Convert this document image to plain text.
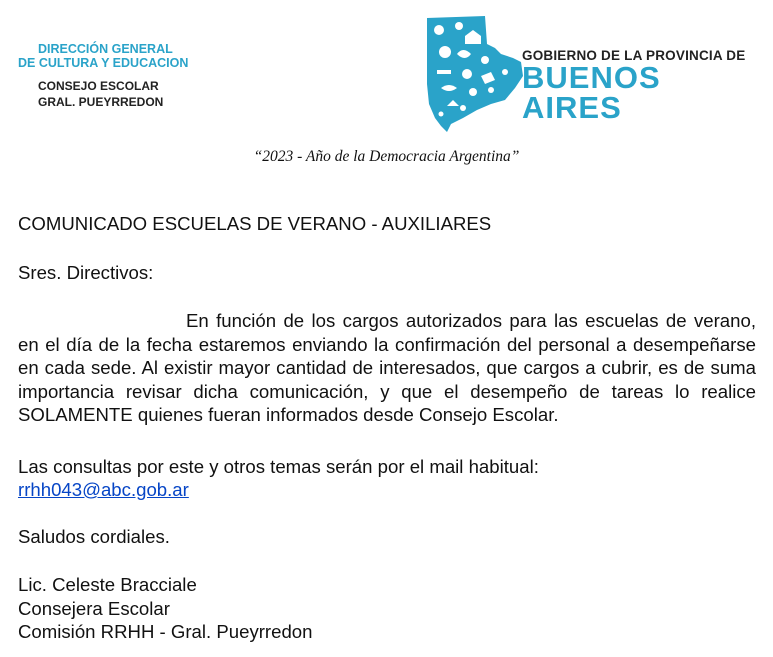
DIRECCIÓN GENERAL
DE CULTURA Y EDUCACION
CONSEJO ESCOLAR
GRAL. PUEYRREDON
GOBIERNO DE LA PROVINCIA DE
BUENOS AIRES
“2023 - Año de la Democracia Argentina”
COMUNICADO ESCUELAS DE VERANO - AUXILIARES
Sres. Directivos:
En función de los cargos autorizados para las escuelas de verano, en el día de la fecha estaremos enviando la confirmación del personal a desempeñarse en cada sede. Al existir mayor cantidad de interesados, que cargos a cubrir, es de suma importancia revisar dicha comunicación, y que el desempeño de tareas lo realice SOLAMENTE quienes fueran informados desde Consejo Escolar.
Las consultas por este y otros temas serán por el mail habitual:
rrhh043@abc.gob.ar
Saludos cordiales.
Lic. Celeste Bracciale
Consejera Escolar
Comisión RRHH - Gral. Pueyrredon
